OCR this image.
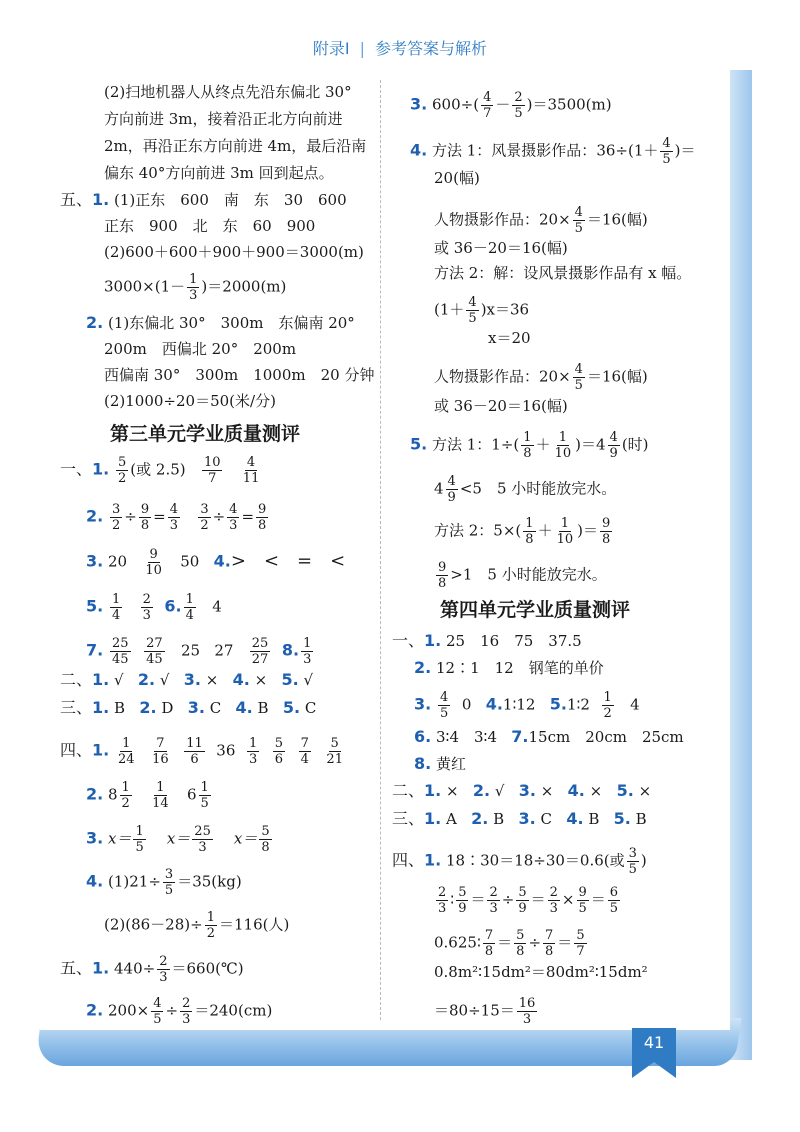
附录Ⅰ | 参考答案与解析
(2)扫地机器人从终点先沿东偏北 30°
方向前进 3m，接着沿正北方向前进
2m，再沿正东方向前进 4m，最后沿南
偏东 40°方向前进 3m 回到起点。
五、1. (1)正东　600　南　东　30　600
正东　900　北　东　60　900
(2)600＋600＋900＋900＝3000(m)
$3000\times(1- \frac{1}{3} )=2000(m)$
2. (1)东偏北 30°　300m　东偏南 20°
200m　西偏北 20°　200m
西偏南 30°　300m　1000m　20 分钟
(2)1000÷20＝50(米/分)
第三单元学业质量测评
一、1. $\frac{5}{2}$ (或 $2.5) \frac{10}{7}$
$\frac{4}{11}$
2. $\frac{3}{2} \div \frac{9}{8} = \frac{4}{3}$
$\frac{3}{2} \div \frac{4}{3} = \frac{9}{8}$
3. $20 \frac{9}{10} 50$ 4.>　<　=　<
5. $\frac{1}{4}$
$\frac{2}{3} 6$. $\frac{1}{4} 4$
7. $\frac{25}{45}$
$\frac{27}{45} 25$ $27 \frac{25}{27} 8$. $\frac{1}{3}$
二、1. √ 2. √ 3. × 4. × 5. √
三、1. B 2. D 3. C 4. B 5. C
四、1. $\frac{1}{24}$
$\frac{7}{16}$
$\frac{11}{6} 36 \frac{1}{3}$
$\frac{5}{6}$
$\frac{7}{4}$
$\frac{5}{21}$
2. $8 \frac{1}{2}$
$\frac{1}{14} 6 \frac{1}{5}$
3. $x= \frac{1}{5} x= \frac{25}{3} x= \frac{5}{8}$
4. $(1)21\div \frac{3}{5} =35(kg)$
$(2)(86-28)\div \frac{1}{2} =116$(人)
五、1. $440\div \frac{2}{3}$ ＝660(℃)
2. $200\times \frac{4}{5} \div \frac{2}{3} =240(cm)$
3. $600\div( \frac{4}{7} - \frac{2}{5} )=3500(m)$
4. 方法 1：风景摄影作品：$36\div(1+ \frac{4}{5}$ )＝
20(幅)
人物摄影作品：$20\times \frac{4}{5} =16$(幅)
或 36－20＝16(幅)
方法 2：解：设风景摄影作品有 x 幅。
$(1+ \frac{4}{5} )x=36$
x＝20
人物摄影作品：$20\times \frac{4}{5} =16$(幅)
或 36－20＝16(幅)
5. 方法 1：$1\div( \frac{1}{8} + \frac{1}{10} )=4 \frac{4}{9}$ (时)
$4 \frac{4}{9} <5$　5 小时能放完水。
方法 2：$5\times( \frac{1}{8} + \frac{1}{10}$ )＝ $\frac{9}{8}$
$\frac{9}{8} >1$　5 小时能放完水。
第四单元学业质量测评
一、1. 25　16　75　37.5
2. 12∶1　12　钢笔的单价
3. $\frac{4}{5} 0$ 4.1∶12 5.1∶2 $\frac{1}{2} 4$
6. 3∶4　3∶4 7.15cm　20cm　25cm
8. 黄红
二、1. × 2. √ 3. × 4. × 5. ×
三、1. A 2. B 3. C 4. B 5. B
四、1. 18∶30＝18÷30＝0.6(或 $\frac{3}{5}$ )
$\frac{2}{3}$ ∶ $\frac{5}{9} = \frac{2}{3} \div \frac{5}{9} = \frac{2}{3} \times \frac{9}{5} = \frac{6}{5}$
0.625∶ $\frac{7}{8} = \frac{5}{8} \div \frac{7}{8} = \frac{5}{7}$
0.8m²∶15dm²＝80dm²∶15dm²
$=80\div 15= \frac{16}{3}$
41
